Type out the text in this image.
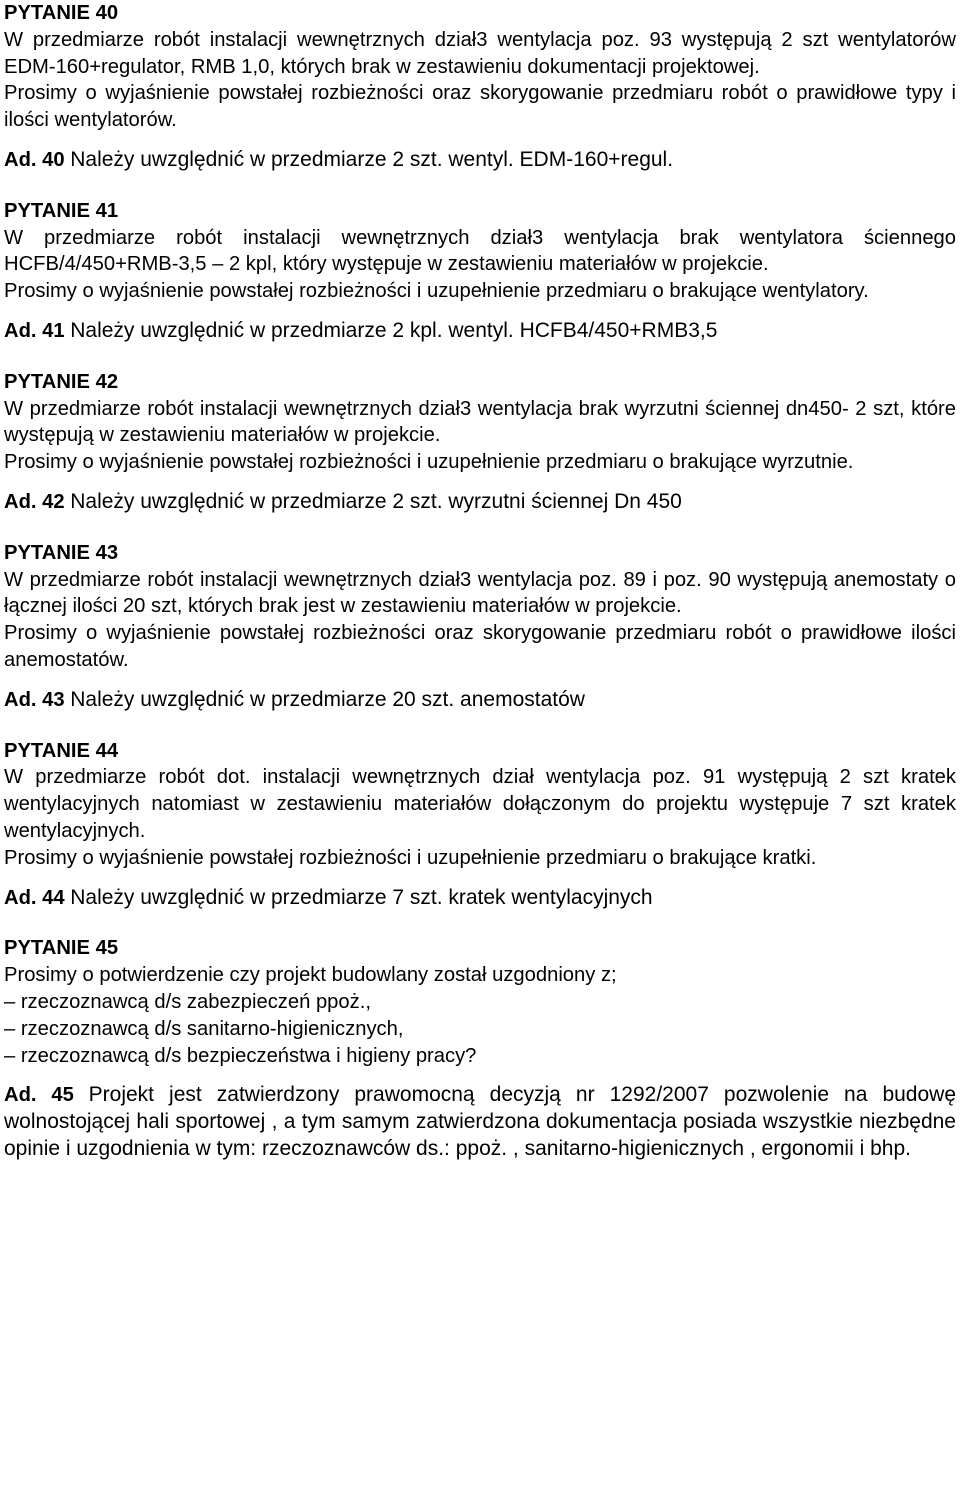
PYTANIE 40

W przedmiarze robót instalacji wewnętrznych dział3 wentylacja poz. 93 występują 2 szt wentylatorów EDM-160+regulator, RMB 1,0, których brak w zestawieniu dokumentacji projektowej.

Prosimy o wyjaśnienie powstałej rozbieżności oraz skorygowanie przedmiaru robót o prawidłowe typy i ilości wentylatorów.

Ad. 40 Należy uwzględnić w przedmiarze 2 szt. wentyl. EDM-160+regul.
PYTANIE 41

W przedmiarze robót instalacji wewnętrznych dział3 wentylacja brak wentylatora ściennego HCFB/4/450+RMB-3,5 – 2 kpl, który występuje w zestawieniu materiałów w projekcie.

Prosimy o wyjaśnienie powstałej rozbieżności i uzupełnienie przedmiaru o brakujące wentylatory.

Ad. 41 Należy uwzględnić w przedmiarze 2 kpl. wentyl. HCFB4/450+RMB3,5
PYTANIE 42

W przedmiarze robót instalacji wewnętrznych dział3 wentylacja brak wyrzutni ściennej dn450- 2 szt, które występują w zestawieniu materiałów w projekcie.

Prosimy o wyjaśnienie powstałej rozbieżności i uzupełnienie przedmiaru o brakujące wyrzutnie.

Ad. 42 Należy uwzględnić w przedmiarze 2 szt. wyrzutni ściennej Dn 450
PYTANIE 43

W przedmiarze robót instalacji wewnętrznych dział3 wentylacja poz. 89 i poz. 90 występują anemostaty o łącznej ilości 20 szt, których brak jest w zestawieniu materiałów w projekcie.

Prosimy o wyjaśnienie powstałej rozbieżności oraz skorygowanie przedmiaru robót o prawidłowe ilości anemostatów.

Ad. 43 Należy uwzględnić w przedmiarze 20 szt. anemostatów
PYTANIE 44

W przedmiarze robót dot. instalacji wewnętrznych dział wentylacja poz. 91 występują 2 szt kratek wentylacyjnych natomiast w zestawieniu materiałów dołączonym do projektu występuje 7 szt kratek wentylacyjnych.

Prosimy o wyjaśnienie powstałej rozbieżności i uzupełnienie przedmiaru o brakujące kratki.

Ad. 44 Należy uwzględnić w przedmiarze 7 szt. kratek wentylacyjnych
PYTANIE 45

Prosimy o potwierdzenie czy projekt budowlany został uzgodniony z;

– rzeczoznawcą d/s zabezpieczeń ppoż.,

– rzeczoznawcą d/s sanitarno-higienicznych,

– rzeczoznawcą d/s bezpieczeństwa i higieny pracy?

Ad. 45 Projekt jest zatwierdzony prawomocną decyzją nr 1292/2007 pozwolenie na budowę wolnostojącej hali sportowej , a tym samym zatwierdzona dokumentacja posiada wszystkie niezbędne opinie i uzgodnienia w tym: rzeczoznawców ds.: ppoż. , sanitarno-higienicznych , ergonomii i bhp.
